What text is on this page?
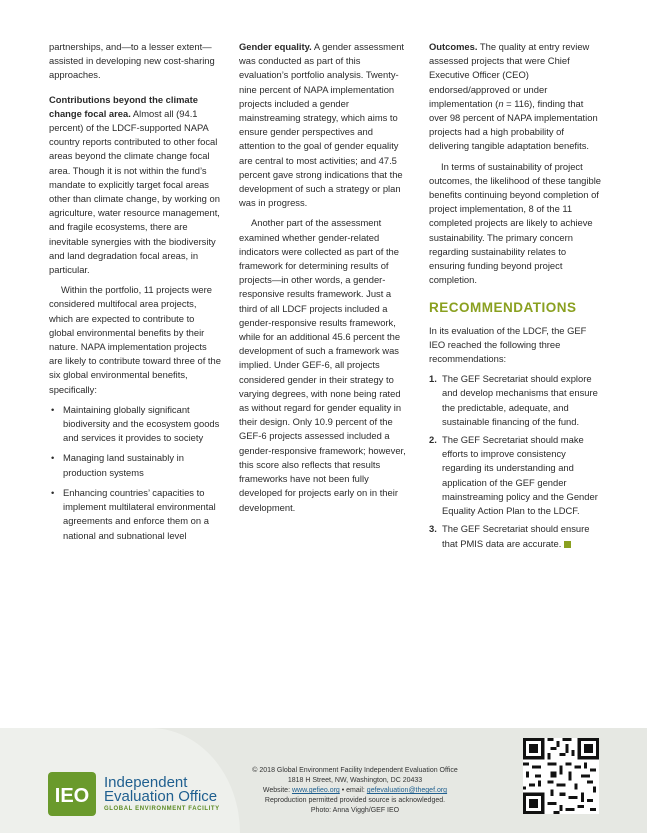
partnerships, and—to a lesser extent—assisted in developing new cost-sharing approaches.

Contributions beyond the climate change focal area. Almost all (94.1 percent) of the LDCF-supported NAPA country reports contributed to other focal areas beyond the climate change focal area. Though it is not within the fund’s mandate to explicitly target focal areas other than climate change, by working on agriculture, water resource management, and fragile ecosystems, there are inevitable synergies with the biodiversity and land degradation focal areas, in particular.

Within the portfolio, 11 projects were considered multifocal area projects, which are expected to contribute to global environmental benefits by their nature. NAPA implementation projects are likely to contribute toward three of the six global environmental benefits, specifically:

• Maintaining globally significant biodiversity and the ecosystem goods and services it provides to society
• Managing land sustainably in production systems
• Enhancing countries’ capacities to implement multilateral environmental agreements and enforce them on a national and subnational level

Gender equality. A gender assessment was conducted as part of this evaluation’s portfolio analysis. Twenty-nine percent of NAPA implementation projects included a gender mainstreaming strategy, which aims to ensure gender perspectives and attention to the goal of gender equality are central to most activities; and 47.5 percent gave strong indications that the development of such a strategy or plan was in progress.

Another part of the assessment examined whether gender-related indicators were collected as part of the framework for determining results of projects—in other words, a gender-responsive results framework. Just a third of all LDCF projects included a gender-responsive results framework, while for an additional 45.6 percent the development of such a framework was implied. Under GEF-6, all projects considered gender in their strategy to varying degrees, with none being rated as without regard for gender equality in their design. Only 10.9 percent of the GEF-6 projects assessed included a gender-responsive framework; however, this score also reflects that results frameworks have not been fully developed for projects early on in their development.

Outcomes. The quality at entry review assessed projects that were Chief Executive Officer (CEO) endorsed/approved or under implementation (n = 116), finding that over 98 percent of NAPA implementation projects had a high probability of delivering tangible adaptation benefits.

In terms of sustainability of project outcomes, the likelihood of these tangible benefits continuing beyond completion of project implementation, 8 of the 11 completed projects are likely to achieve sustainability. The primary concern regarding sustainability relates to ensuring funding beyond project completion.

RECOMMENDATIONS

In its evaluation of the LDCF, the GEF IEO reached the following three recommendations:

1. The GEF Secretariat should explore and develop mechanisms that ensure the predictable, adequate, and sustainable financing of the fund.
2. The GEF Secretariat should make efforts to improve consistency regarding its understanding and application of the GEF gender mainstreaming policy and the Gender Equality Action Plan to the LDCF.
3. The GEF Secretariat should ensure that PMIS data are accurate.
IEO
Independent
Evaluation Office
GLOBAL ENVIRONMENT FACILITY
© 2018 Global Environment Facility Independent Evaluation Office
1818 H Street, NW, Washington, DC 20433
Website: www.gefieo.org • email: gefevaluation@thegef.org
Reproduction permitted provided source is acknowledged.
Photo: Anna Viggh/GEF IEO
